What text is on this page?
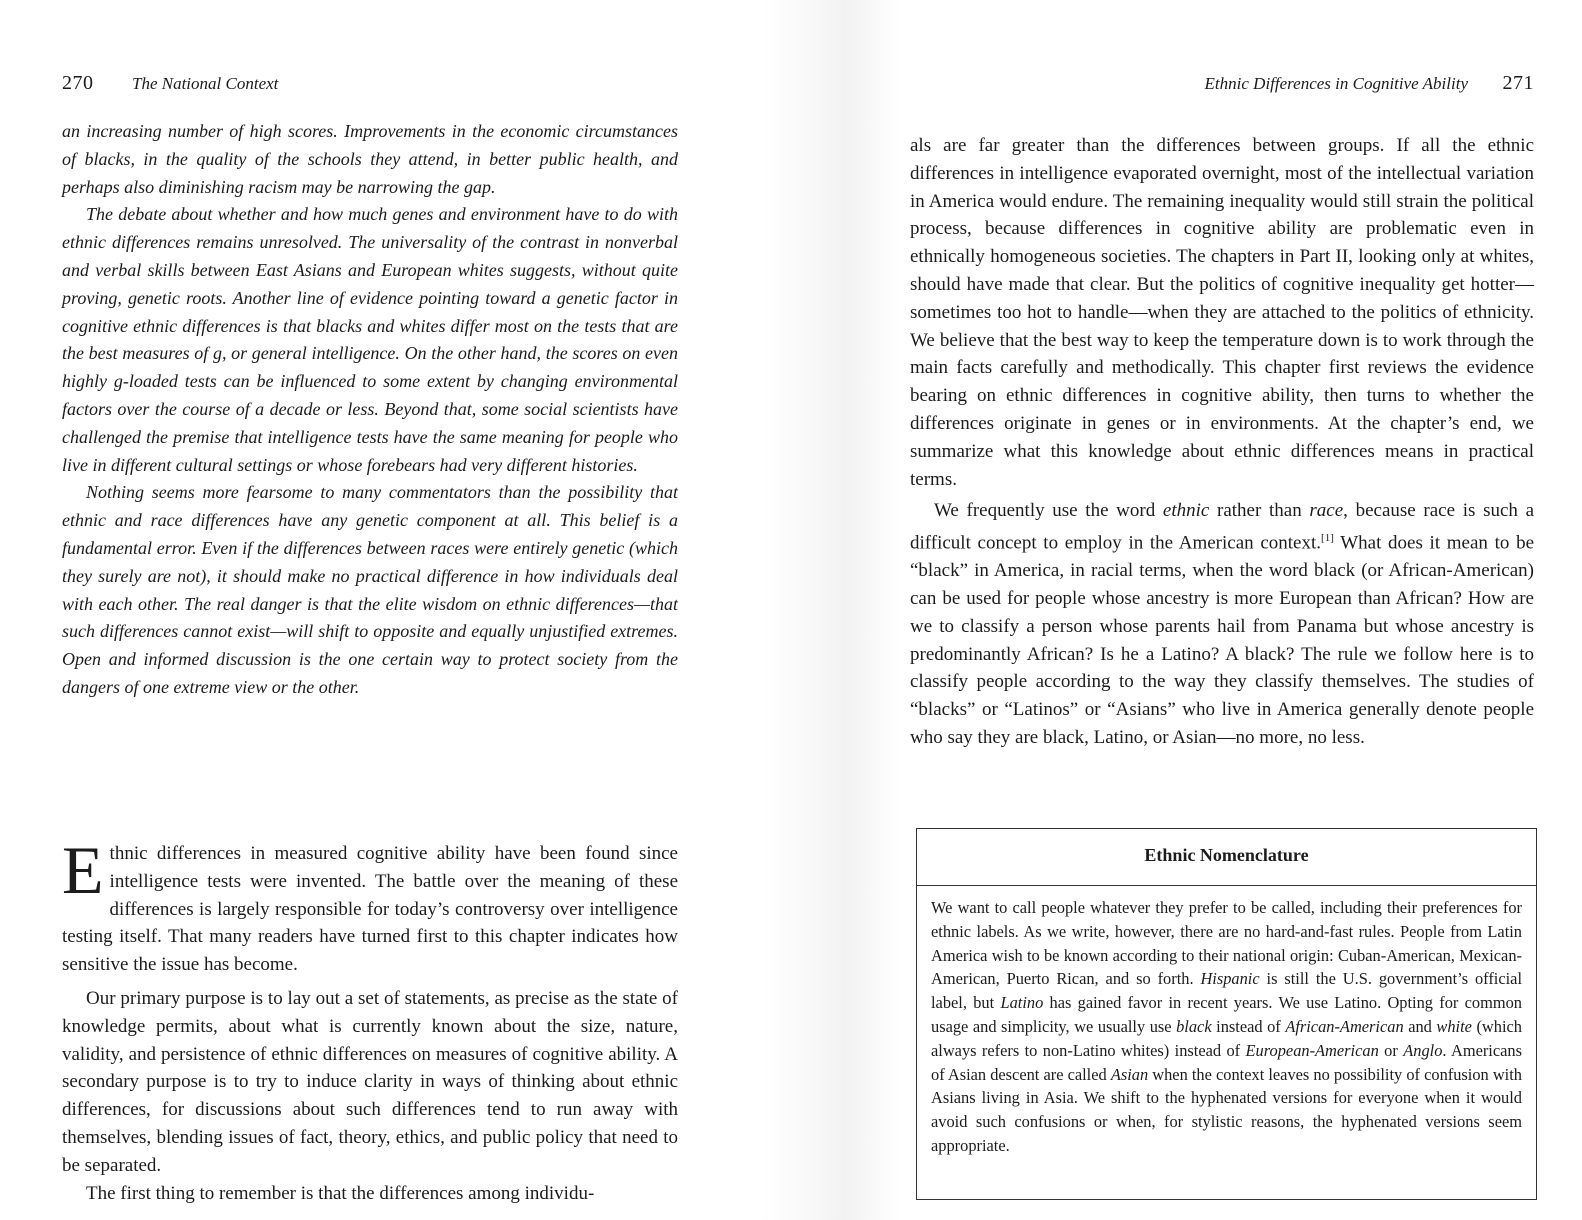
270 The National Context

an increasing number of high scores. Improvements in the economic circumstances of blacks, in the quality of the schools they attend, in better public health, and perhaps also diminishing racism may be narrowing the gap.

The debate about whether and how much genes and environment have to do with ethnic differences remains unresolved. The universality of the contrast in nonverbal and verbal skills between East Asians and European whites suggests, without quite proving, genetic roots. Another line of evidence pointing toward a genetic factor in cognitive ethnic differences is that blacks and whites differ most on the tests that are the best measures of g, or general intelligence. On the other hand, the scores on even highly g-loaded tests can be influenced to some extent by changing environmental factors over the course of a decade or less. Beyond that, some social scientists have challenged the premise that intelligence tests have the same meaning for people who live in different cultural settings or whose forebears had very different histories.

Nothing seems more fearsome to many commentators than the possibility that ethnic and race differences have any genetic component at all. This belief is a fundamental error. Even if the differences between races were entirely genetic (which they surely are not), it should make no practical difference in how individuals deal with each other. The real danger is that the elite wisdom on ethnic differences—that such differences cannot exist—will shift to opposite and equally unjustified extremes. Open and informed discussion is the one certain way to protect society from the dangers of one extreme view or the other.

Ethnic differences in measured cognitive ability have been found since intelligence tests were invented. The battle over the meaning of these differences is largely responsible for today’s controversy over intelligence testing itself. That many readers have turned first to this chapter indicates how sensitive the issue has become.

Our primary purpose is to lay out a set of statements, as precise as the state of knowledge permits, about what is currently known about the size, nature, validity, and persistence of ethnic differences on measures of cognitive ability. A secondary purpose is to try to induce clarity in ways of thinking about ethnic differences, for discussions about such differences tend to run away with themselves, blending issues of fact, theory, ethics, and public policy that need to be separated.

The first thing to remember is that the differences among individu-

Ethnic Differences in Cognitive Ability 271

als are far greater than the differences between groups. If all the ethnic differences in intelligence evaporated overnight, most of the intellectual variation in America would endure. The remaining inequality would still strain the political process, because differences in cognitive ability are problematic even in ethnically homogeneous societies. The chapters in Part II, looking only at whites, should have made that clear. But the politics of cognitive inequality get hotter—sometimes too hot to handle—when they are attached to the politics of ethnicity. We believe that the best way to keep the temperature down is to work through the main facts carefully and methodically. This chapter first reviews the evidence bearing on ethnic differences in cognitive ability, then turns to whether the differences originate in genes or in environments. At the chapter’s end, we summarize what this knowledge about ethnic differences means in practical terms.

We frequently use the word ethnic rather than race, because race is such a difficult concept to employ in the American context.[1] What does it mean to be “black” in America, in racial terms, when the word black (or African-American) can be used for people whose ancestry is more European than African? How are we to classify a person whose parents hail from Panama but whose ancestry is predominantly African? Is he a Latino? A black? The rule we follow here is to classify people according to the way they classify themselves. The studies of “blacks” or “Latinos” or “Asians” who live in America generally denote people who say they are black, Latino, or Asian—no more, no less.

Ethnic Nomenclature
We want to call people whatever they prefer to be called, including their preferences for ethnic labels. As we write, however, there are no hard-and-fast rules. People from Latin America wish to be known according to their national origin: Cuban-American, Mexican-American, Puerto Rican, and so forth. Hispanic is still the U.S. government’s official label, but Latino has gained favor in recent years. We use Latino. Opting for common usage and simplicity, we usually use black instead of African-American and white (which always refers to non-Latino whites) instead of European-American or Anglo. Americans of Asian descent are called Asian when the context leaves no possibility of confusion with Asians living in Asia. We shift to the hyphenated versions for everyone when it would avoid such confusions or when, for stylistic reasons, the hyphenated versions seem appropriate.
